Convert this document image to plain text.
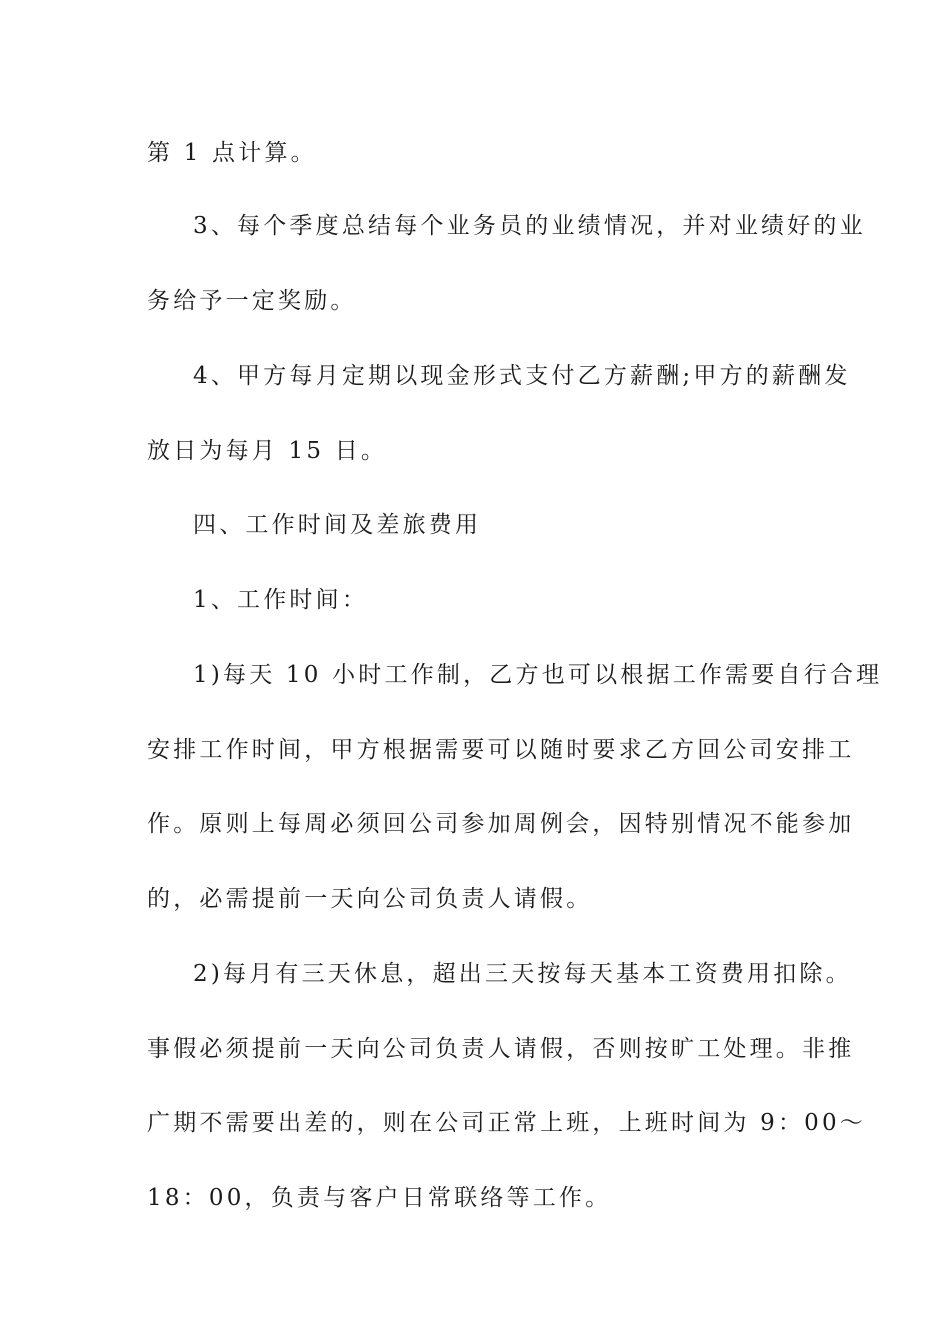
第 1 点计算。
3、每个季度总结每个业务员的业绩情况，并对业绩好的业
务给予一定奖励。
4、甲方每月定期以现金形式支付乙方薪酬;甲方的薪酬发
放日为每月 15 日。
四、工作时间及差旅费用
1、工作时间：
1)每天 10 小时工作制，乙方也可以根据工作需要自行合理
安排工作时间，甲方根据需要可以随时要求乙方回公司安排工
作。原则上每周必须回公司参加周例会，因特别情况不能参加
的，必需提前一天向公司负责人请假。
2)每月有三天休息，超出三天按每天基本工资费用扣除。
事假必须提前一天向公司负责人请假，否则按旷工处理。非推
广期不需要出差的，则在公司正常上班，上班时间为 9：00～
18：00，负责与客户日常联络等工作。
